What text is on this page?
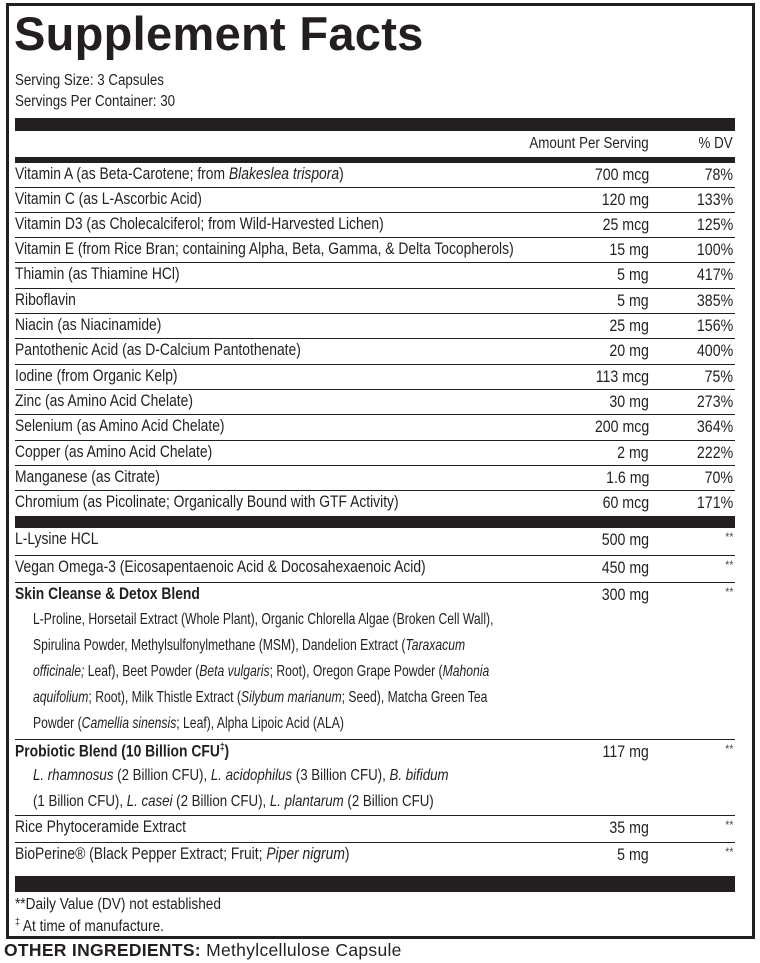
Supplement Facts
Serving Size: 3 Capsules
Servings Per Container: 30
Amount Per Serving	% DV
Vitamin A (as Beta-Carotene; from Blakeslea trispora)	700 mcg	78%
Vitamin C (as L-Ascorbic Acid)	120 mg	133%
Vitamin D3 (as Cholecalciferol; from Wild-Harvested Lichen)	25 mcg	125%
Vitamin E (from Rice Bran; containing Alpha, Beta, Gamma, & Delta Tocopherols)	15 mg	100%
Thiamin (as Thiamine HCl)	5 mg	417%
Riboflavin	5 mg	385%
Niacin (as Niacinamide)	25 mg	156%
Pantothenic Acid (as D-Calcium Pantothenate)	20 mg	400%
Iodine (from Organic Kelp)	113 mcg	75%
Zinc (as Amino Acid Chelate)	30 mg	273%
Selenium (as Amino Acid Chelate)	200 mcg	364%
Copper (as Amino Acid Chelate)	2 mg	222%
Manganese (as Citrate)	1.6 mg	70%
Chromium (as Picolinate; Organically Bound with GTF Activity)	60 mcg	171%
L-Lysine HCL	500 mg	**
Vegan Omega-3 (Eicosapentaenoic Acid & Docosahexaenoic Acid)	450 mg	**
Skin Cleanse & Detox Blend	300 mg	**
L-Proline, Horsetail Extract (Whole Plant), Organic Chlorella Algae (Broken Cell Wall),
Spirulina Powder, Methylsulfonylmethane (MSM), Dandelion Extract (Taraxacum
officinale; Leaf), Beet Powder (Beta vulgaris; Root), Oregon Grape Powder (Mahonia
aquifolium; Root), Milk Thistle Extract (Silybum marianum; Seed), Matcha Green Tea
Powder (Camellia sinensis; Leaf), Alpha Lipoic Acid (ALA)
Probiotic Blend (10 Billion CFU‡)	117 mg	**
L. rhamnosus (2 Billion CFU), L. acidophilus (3 Billion CFU), B. bifidum
(1 Billion CFU), L. casei (2 Billion CFU), L. plantarum (2 Billion CFU)
Rice Phytoceramide Extract	35 mg	**
BioPerine® (Black Pepper Extract; Fruit; Piper nigrum)	5 mg	**
**Daily Value (DV) not established
‡ At time of manufacture.
OTHER INGREDIENTS: Methylcellulose Capsule
